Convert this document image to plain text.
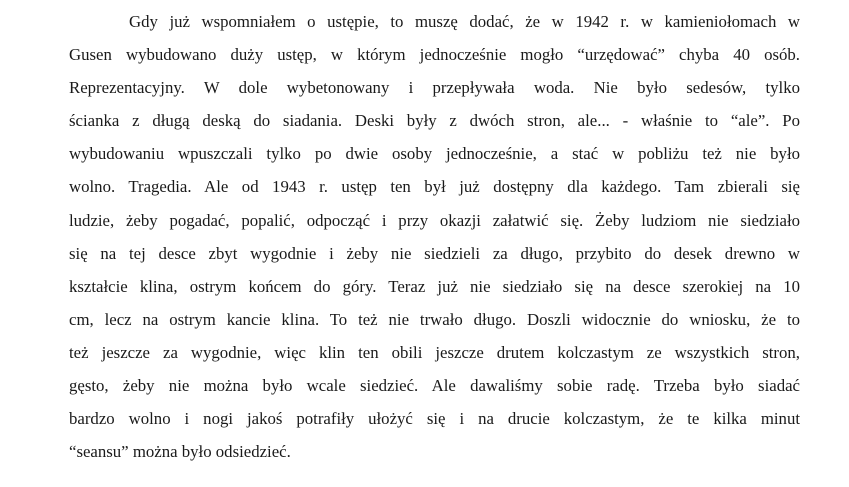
Gdy już wspomniałem o ustępie, to muszę dodać, że w 1942 r. w kamieniołomach w
Gusen wybudowano duży ustęp, w którym jednocześnie mogło “urzędować” chyba 40 osób.
Reprezentacyjny. W dole wybetonowany i przepływała woda. Nie było sedesów, tylko
ścianka z długą deską do siadania. Deski były z dwóch stron, ale... - właśnie to “ale”. Po
wybudowaniu wpuszczali tylko po dwie osoby jednocześnie, a stać w pobliżu też nie było
wolno. Tragedia. Ale od 1943 r. ustęp ten był już dostępny dla każdego. Tam zbierali się
ludzie, żeby pogadać, popalić, odpocząć i przy okazji załatwić się. Żeby ludziom nie siedziało
się na tej desce zbyt wygodnie i żeby nie siedzieli za długo, przybito do desek drewno w
kształcie klina, ostrym końcem do góry. Teraz już nie siedziało się na desce szerokiej na 10
cm, lecz na ostrym kancie klina. To też nie trwało długo. Doszli widocznie do wniosku, że to
też jeszcze za wygodnie, więc klin ten obili jeszcze drutem kolczastym ze wszystkich stron,
gęsto, żeby nie można było wcale siedzieć. Ale dawaliśmy sobie radę. Trzeba było siadać
bardzo wolno i nogi jakoś potrafiły ułożyć się i na drucie kolczastym, że te kilka minut
“seansu” można było odsiedzieć.
